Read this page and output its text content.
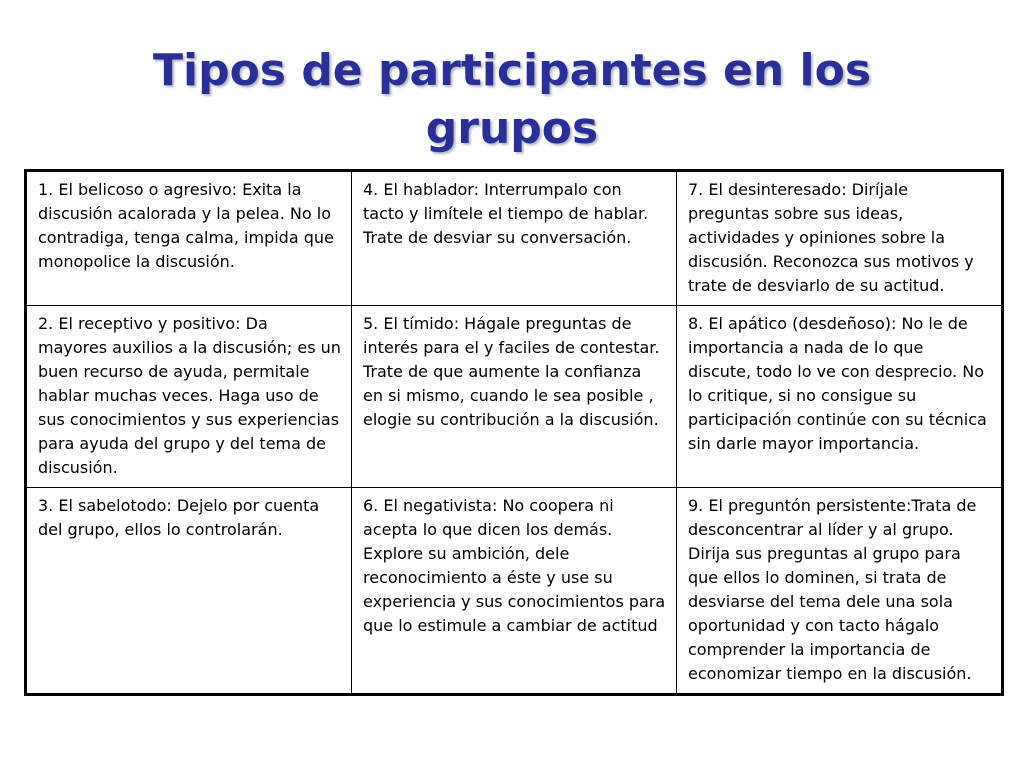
Tipos de participantes en los
grupos
1. El belicoso o agresivo: Exita la discusión acalorada y la pelea. No lo contradiga, tenga calma, impida que monopolice la discusión.	4. El hablador: Interrumpalo con tacto y limítele el tiempo de hablar. Trate de desviar su conversación.	7. El desinteresado: Diríjale preguntas sobre sus ideas, actividades y opiniones sobre la discusión. Reconozca sus motivos y trate de desviarlo de su actitud.
2. El receptivo y positivo: Da mayores auxilios a la discusión; es un buen recurso de ayuda, permitale hablar muchas veces. Haga uso de sus conocimientos y sus experiencias para ayuda del grupo y del tema de discusión.	5. El tímido: Hágale preguntas de interés para el y faciles de contestar. Trate de que aumente la confianza en si mismo, cuando le sea posible , elogie su contribución a la discusión.	8. El apático (desdeñoso): No le de importancia a nada de lo que discute, todo lo ve con desprecio. No lo critique, si no consigue su participación continúe con su técnica sin darle mayor importancia.
3. El sabelotodo: Dejelo por cuenta del grupo, ellos lo controlarán.	6. El negativista: No coopera ni acepta lo que dicen los demás. Explore su ambición, dele reconocimiento a éste y use su experiencia y sus conocimientos para que lo estimule a cambiar de actitud	9. El preguntón persistente:Trata de desconcentrar al líder y al grupo. Dirija sus preguntas al grupo para que ellos lo dominen, si trata de desviarse del tema dele una sola oportunidad y con tacto hágalo comprender la importancia de economizar tiempo en la discusión.
